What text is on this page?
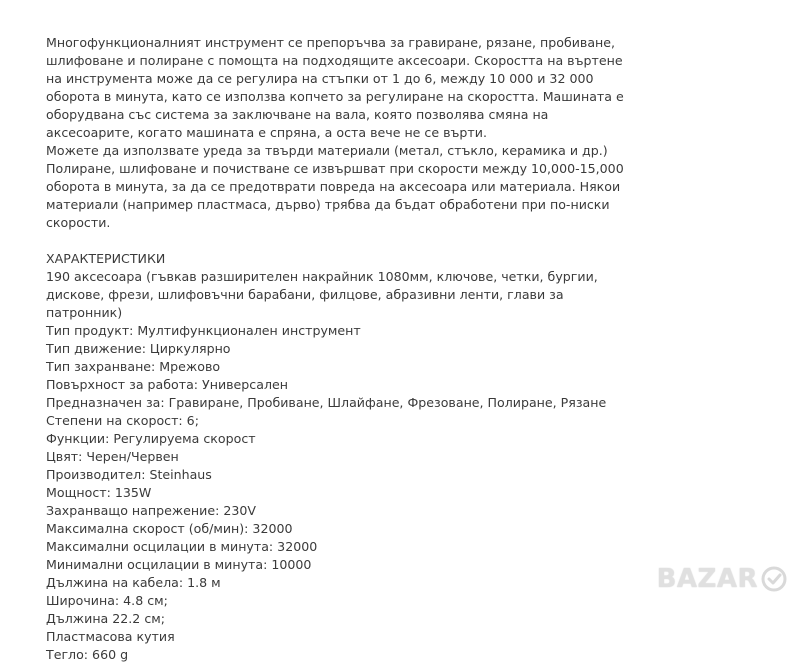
Многофункционалният инструмент се препоръчва за гравиране, рязане, пробиване,

шлифоване и полиране с помощта на подходящите аксесоари. Скоростта на въртене

на инструмента може да се регулира на стъпки от 1 до 6, между 10 000 и 32 000

оборота в минута, като се използва копчето за регулиране на скоростта. Машината е

оборудвана със система за заключване на вала, която позволява смяна на

аксесоарите, когато машината е спряна, а оста вече не се върти.

Можете да използвате уреда за твърди материали (метал, стъкло, керамика и др.)

Полиране, шлифоване и почистване се извършват при скорости между 10,000-15,000

оборота в минута, за да се предотврати повреда на аксесоара или материала. Някои

материали (например пластмаса, дърво) трябва да бъдат обработени при по-ниски

скорости.

ХАРАКТЕРИСТИКИ

190 аксесоара (гъвкав разширителен накрайник 1080мм, ключове, четки, бургии,

дискове, фрези, шлифовъчни барабани, филцове, абразивни ленти, глави за

патронник)

Тип продукт: Мултифункционален инструмент

Тип движение: Циркулярно

Тип захранване: Мрежово

Повърхност за работа: Универсален

Предназначен за: Гравиране, Пробиване, Шлайфане, Фрезоване, Полиране, Рязане

Степени на скорост: 6;

Функции: Регулируема скорост

Цвят: Черен/Червен

Производител: Steinhaus

Мощност: 135W

Захранващо напрежение: 230V

Максимална скорост (об/мин): 32000

Максимални осцилации в минута: 32000

Минимални осцилации в минута: 10000

Дължина на кабела: 1.8 м

Широчина: 4.8 см;

Дължина 22.2 см;

Пластмасова кутия

Тегло: 660 g

BAZAR
